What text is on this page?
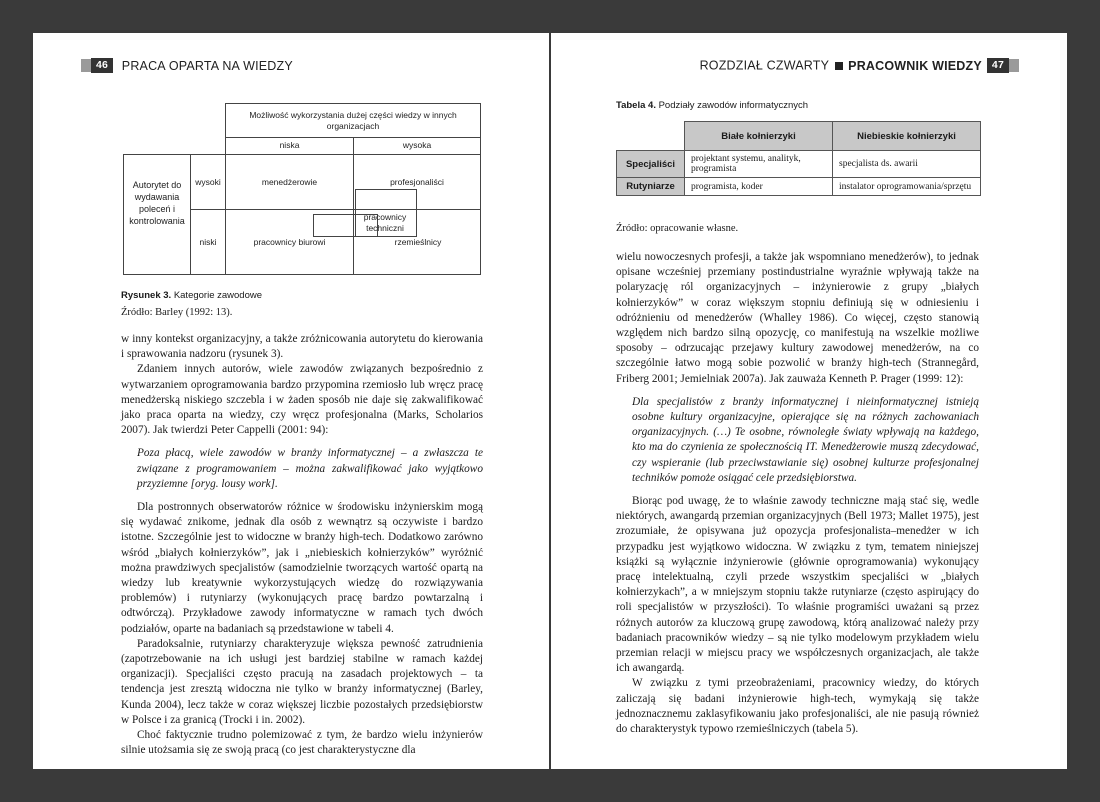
46 PRACA OPARTA NA WIEDZY
Możliwość wykorzystania dużej części wiedzy w innych organizacjach
niska	wysoka
Autorytet do wydawania poleceń i kontrolowania
wysoki
niski
menedżerowie	profesjonaliści
pracownicy biurowi	rzemieślnicy
pracownicy techniczni
Rysunek 3. Kategorie zawodowe
Źródło: Barley (1992: 13).

w inny kontekst organizacyjny, a także zróżnicowania autorytetu do kierowania i sprawowania nadzoru (rysunek 3).

Zdaniem innych autorów, wiele zawodów związanych bezpośrednio z wytwarzaniem oprogramowania bardzo przypomina rzemiosło lub wręcz pracę menedżerską niskiego szczebla i w żaden sposób nie daje się zakwalifikować jako praca oparta na wiedzy, czy wręcz profesjonalna (Marks, Scholarios 2007). Jak twierdzi Peter Cappelli (2001: 94):

Poza płacą, wiele zawodów w branży informatycznej – a zwłaszcza te związane z programowaniem – można zakwalifikować jako wyjątkowo przyziemne [oryg. lousy work].

Dla postronnych obserwatorów różnice w środowisku inżynierskim mogą się wydawać znikome, jednak dla osób z wewnątrz są oczywiste i bardzo istotne. Szczególnie jest to widoczne w branży high-tech. Dodatkowo zarówno wśród „białych kołnierzyków”, jak i „niebieskich kołnierzyków” wyróżnić można prawdziwych specjalistów (samodzielnie tworzących wartość opartą na wiedzy lub kreatywnie wykorzystujących wiedzę do rozwiązywania problemów) i rutyniarzy (wykonujących pracę bardzo powtarzalną i odtwórczą). Przykładowe zawody informatyczne w ramach tych dwóch podziałów, oparte na badaniach są przedstawione w tabeli 4.

Paradoksalnie, rutyniarzy charakteryzuje większa pewność zatrudnienia (zapotrzebowanie na ich usługi jest bardziej stabilne w ramach każdej organizacji). Specjaliści często pracują na zasadach projektowych – ta tendencja jest zresztą widoczna nie tylko w branży informatycznej (Barley, Kunda 2004), lecz także w coraz większej liczbie pozostałych przedsiębiorstw w Polsce i za granicą (Trocki i in. 2002).

Choć faktycznie trudno polemizować z tym, że bardzo wielu inżynierów silnie utożsamia się ze swoją pracą (co jest charakterystyczne dla

ROZDZIAŁ CZWARTY PRACOWNIK WIEDZY 47
Tabela 4. Podziały zawodów informatycznych
	Białe kołnierzyki	Niebieskie kołnierzyki
Specjaliści	projektant systemu, analityk, programista	specjalista ds. awarii
Rutyniarze	programista, koder	instalator oprogramowania/sprzętu
Źródło: opracowanie własne.

wielu nowoczesnych profesji, a także jak wspomniano menedżerów), to jednak opisane wcześniej przemiany postindustrialne wyraźnie wpływają także na polaryzację ról organizacyjnych – inżynierowie z grupy „białych kołnierzyków” w coraz większym stopniu definiują się w odniesieniu i odróżnieniu od menedżerów (Whalley 1986). Co więcej, często stanowią względem nich bardzo silną opozycję, co manifestują na wszelkie możliwe sposoby – odrzucając przejawy kultury zawodowej menedżerów, na co szczególnie łatwo mogą sobie pozwolić w branży high-tech (Strannegård, Friberg 2001; Jemielniak 2007a). Jak zauważa Kenneth P. Prager (1999: 12):

Dla specjalistów z branży informatycznej i nieinformatycznej istnieją osobne kultury organizacyjne, opierające się na różnych zachowaniach organizacyjnych. (…) Te osobne, równoległe światy wpływają na każdego, kto ma do czynienia ze społecznością IT. Menedżerowie muszą zdecydować, czy wspieranie (lub przeciwstawianie się) osobnej kulturze profesjonalnej techników pomoże osiągać cele przedsiębiorstwa.

Biorąc pod uwagę, że to właśnie zawody techniczne mają stać się, wedle niektórych, awangardą przemian organizacyjnych (Bell 1973; Mallet 1975), jest zrozumiałe, że opisywana już opozycja profesjonalista–menedżer w ich przypadku jest wyjątkowo widoczna. W związku z tym, tematem niniejszej książki są wyłącznie inżynierowie (głównie oprogramowania) wykonujący pracę intelektualną, czyli przede wszystkim specjaliści w „białych kołnierzykach”, a w mniejszym stopniu także rutyniarze (często aspirujący do roli specjalistów w przyszłości). To właśnie programiści uważani są przez różnych autorów za kluczową grupę zawodową, którą analizować należy przy badaniach pracowników wiedzy – są nie tylko modelowym przykładem wielu przemian relacji w miejscu pracy we współczesnych organizacjach, ale także ich awangardą.

W związku z tymi przeobrażeniami, pracownicy wiedzy, do których zaliczają się badani inżynierowie high-tech, wymykają się także jednoznacznemu zaklasyfikowaniu jako profesjonaliści, ale nie pasują również do charakterystyk typowo rzemieślniczych (tabela 5).
